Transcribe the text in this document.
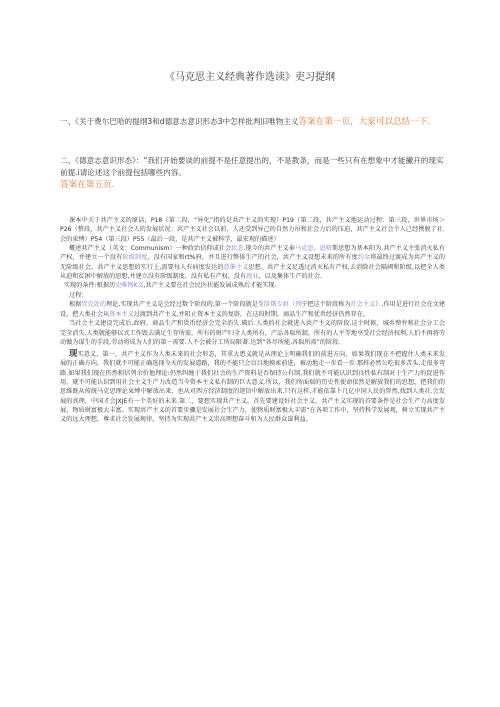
《马克思主义经典著作选读》吏习提纲
一、《关于费尔巴哈的提纲3和d德意志意识形态3中怎样批判旧唯物主义答案在第一页，大家可以总结一下.
二、《德意志意识形态》：“我们开始要谈的前提不是任意提出的，不是教条，而是一些只有在想象中才能撇开的现实前提.i请论述这个前提包括哪些内容。
答案在第五页.

课本中关于共产主义的原话，P18（第二段，“异化”指的是共产主义的实现）P19（第二段，共产主义地运动过程：第三段，世界市场＞P26（整段，共产主义社会人的发展状况：共产主义社会以前，人还受到异己的自然力吊和社会力后的压迫，共产主义社会个人己经携脱了社.会的束缚）P54（第三段）P55（最后一段，是共产主义被科学、最宏观的描述）

概述共产主义（英文：Communism）一种政治信仰或社会状态.现今的共产主义奉马克思、恩格斯思想为基本阳为.共产主义主张消灭私有产权，并建立一个没有阶级制度，没有国家和rt%府，并且进行弊体生产的社会，共产主义设想未来的所有度约金将最终过渡成为共产主义的无阶级社会。共产主义思想的实行上,需要每人有病度发达的意催主义思想。共产主义足透过消灭私有产权,去消除社会隔阈和阶级,以把全人类从迫和贫困中解放的思想,并建立没有阶级制度、没有私有产权、没有政业，以及集体生产的社会.

实现的条件:根据历史唯物K义,共产主义要在社会民医状能发展成熟后才能实现.

过程：

根据胃克处的理论,实现共产主义是会经过数个阶段的,第一个阶段就是生阶俄专政（列宁把这个阶段称为社会主义）,作用是进行社会在文建设，把人类社会从资本主义过渡到共产主义,并阻止资本主义的复辟。在这段时期，商品生产和优币经济仍然存在。

当社会主义建设完成后,政府、商品生产和货币经济会完全消失.破后.人类的社会就进入共产主义的阶段.这个时候，城乡整弁和社会分工会完全消失.人类就能够以式工作毁去满足生存所需，所有的财产归全人类所有，产品各取所制，所有的人平等地享受社会经济权利,人们不再将劳动做为谋生的手段,劳动将成为人们的第一需要.人不会被分工所局限著.达到“各尽所能,各取所需”的阶段.

现实意义，第一，共产主义作为人类未来的社会形态，其重大患义就是从理论上明确我们的前进方向，如果我们现在不把握住人类未来发展的正确方向，我们就不可能正确选择今天的发展道路，我的不能只会盲目地摸索前进，被动地走一步看一步.那样必然公吃很多苦头,走很多弯路.如果我们现在仍然相信列余价他理论:仍然纠缠于我们社会的生产资料是否保持公有制,我们就不可能认识到良性私有制对于生产力的促进作用，就不可能认识到用社会主义生产力改造当今资本主义私有制的巨大意义.所以，我们所面瑞的历史性使命依然是解放我们的思想，把我们的思维既从传统马克思理论束缚中解放出来，也从对西方经济制度的迷信中解放出来.只有这样,才能依靠卜几亿中国人民的智然,找到人类社.会发展的真理，中国才会JXJE有一个美好的未来.第二，要想实现共产主义，首先要建设好社会主义。共产主义实现的首要条件是社会生产力高度发展，物质财富极大丰富。实现共产主义的首要步骤是发展社会生产力，使物质财富极大丰需“在各项工作中，坚持科学发展观，树立实现共产主义的远大理想，尊求社会发展规律，坚持为实现共产主义崇高理想奋斗和为人民群众谋利益。
